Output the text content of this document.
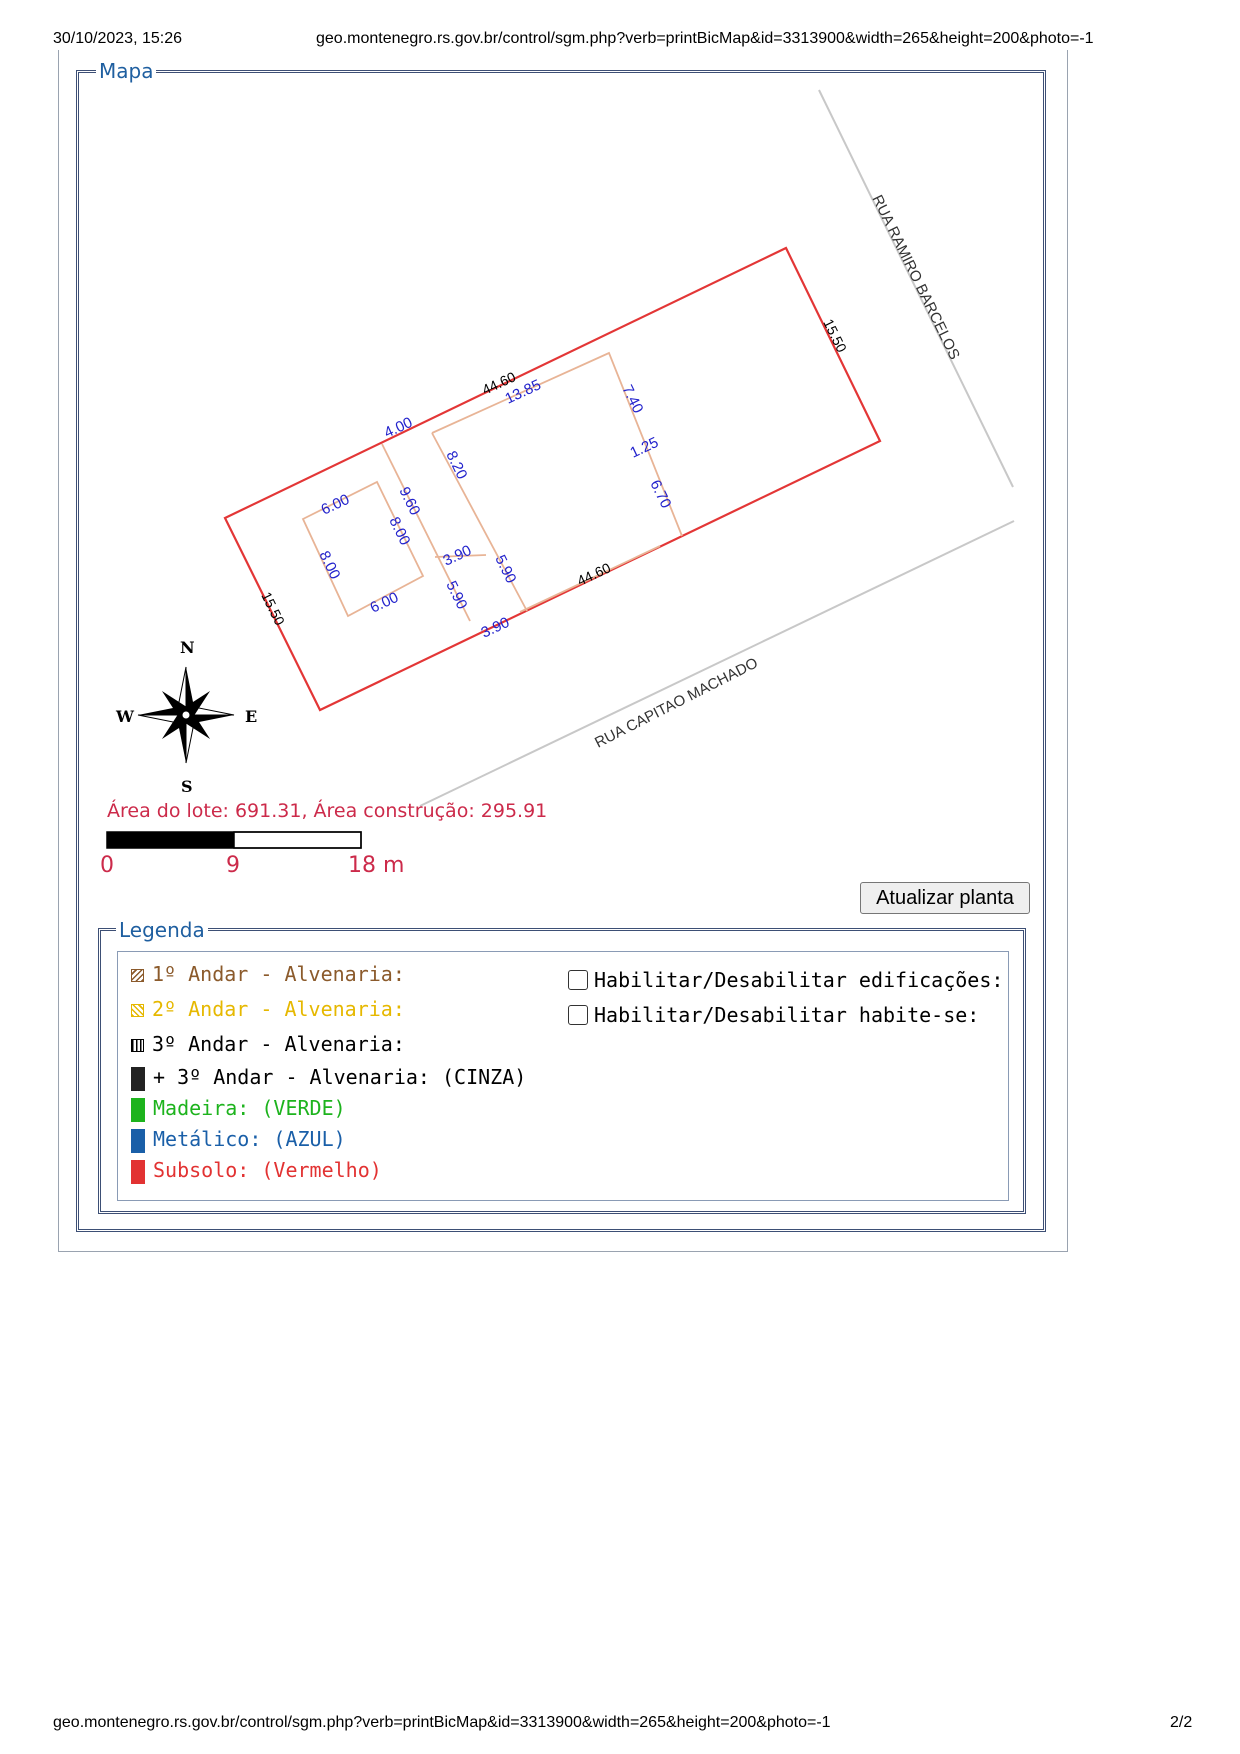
30/10/2023, 15:26	geo.montenegro.rs.gov.br/control/sgm.php?verb=printBicMap&id=3313900&width=265&height=200&photo=-1
Mapa
RUA RAMIRO BARCELOS
RUA CAPITAO MACHADO
44.60
44.60
15.50
15.50
4.00
13.85	7.40
1.25
6.70
8.20
9.60
6.00
8.00
8.00
6.00
3.90 5.90
5.90
3.90
N
S
W	E
Área do lote: 691.31, Área construção: 295.91
0	9	18 m
Atualizar planta
Legenda
1º Andar - Alvenaria:
2º Andar - Alvenaria:
3º Andar - Alvenaria:
+ 3º Andar - Alvenaria: (CINZA)
Madeira: (VERDE)
Metálico: (AZUL)
Subsolo: (Vermelho)
Habilitar/Desabilitar edificações:
Habilitar/Desabilitar habite-se:
geo.montenegro.rs.gov.br/control/sgm.php?verb=printBicMap&id=3313900&width=265&height=200&photo=-1	2/2
